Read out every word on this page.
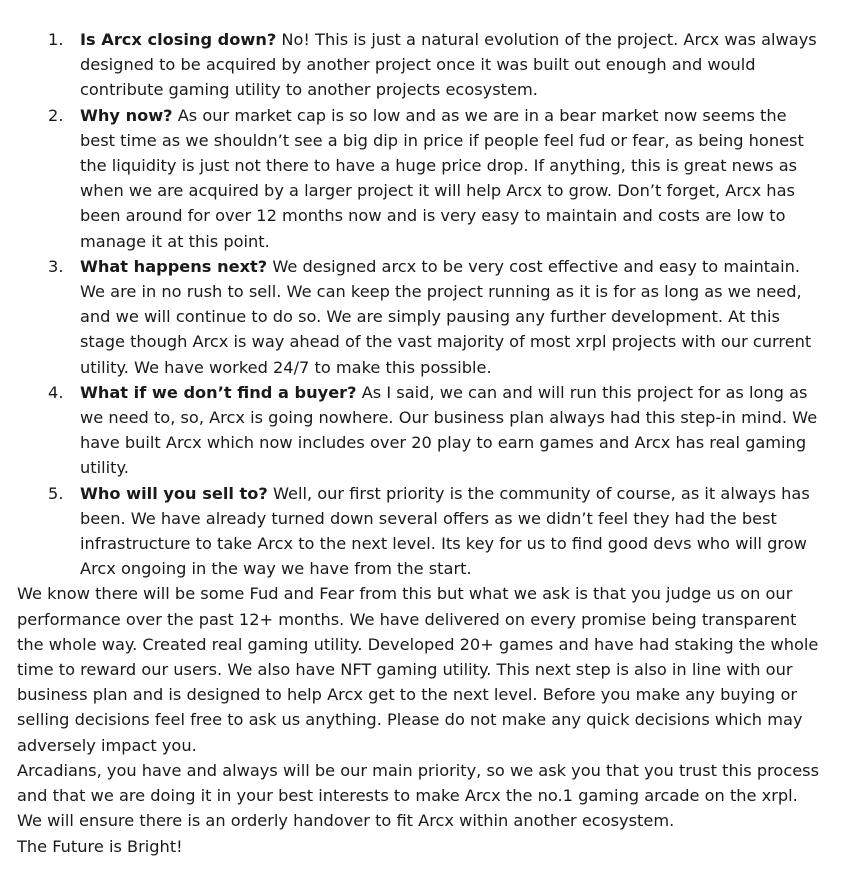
Is Arcx closing down? No! This is just a natural evolution of the project. Arcx was always designed to be acquired by another project once it was built out enough and would contribute gaming utility to another projects ecosystem.
Why now? As our market cap is so low and as we are in a bear market now seems the best time as we shouldn’t see a big dip in price if people feel fud or fear, as being honest the liquidity is just not there to have a huge price drop. If anything, this is great news as when we are acquired by a larger project it will help Arcx to grow. Don’t forget, Arcx has been around for over 12 months now and is very easy to maintain and costs are low to manage it at this point.
What happens next? We designed arcx to be very cost effective and easy to maintain. We are in no rush to sell. We can keep the project running as it is for as long as we need, and we will continue to do so. We are simply pausing any further development. At this stage though Arcx is way ahead of the vast majority of most xrpl projects with our current utility. We have worked 24/7 to make this possible.
What if we don’t find a buyer? As I said, we can and will run this project for as long as we need to, so, Arcx is going nowhere. Our business plan always had this step-in mind. We have built Arcx which now includes over 20 play to earn games and Arcx has real gaming utility.
Who will you sell to? Well, our first priority is the community of course, as it always has been. We have already turned down several offers as we didn’t feel they had the best infrastructure to take Arcx to the next level. Its key for us to find good devs who will grow Arcx ongoing in the way we have from the start.

We know there will be some Fud and Fear from this but what we ask is that you judge us on our performance over the past 12+ months. We have delivered on every promise being transparent the whole way. Created real gaming utility. Developed 20+ games and have had staking the whole time to reward our users. We also have NFT gaming utility. This next step is also in line with our business plan and is designed to help Arcx get to the next level. Before you make any buying or selling decisions feel free to ask us anything. Please do not make any quick decisions which may adversely impact you.

Arcadians, you have and always will be our main priority, so we ask you that you trust this process and that we are doing it in your best interests to make Arcx the no.1 gaming arcade on the xrpl.

We will ensure there is an orderly handover to fit Arcx within another ecosystem.

The Future is Bright!
